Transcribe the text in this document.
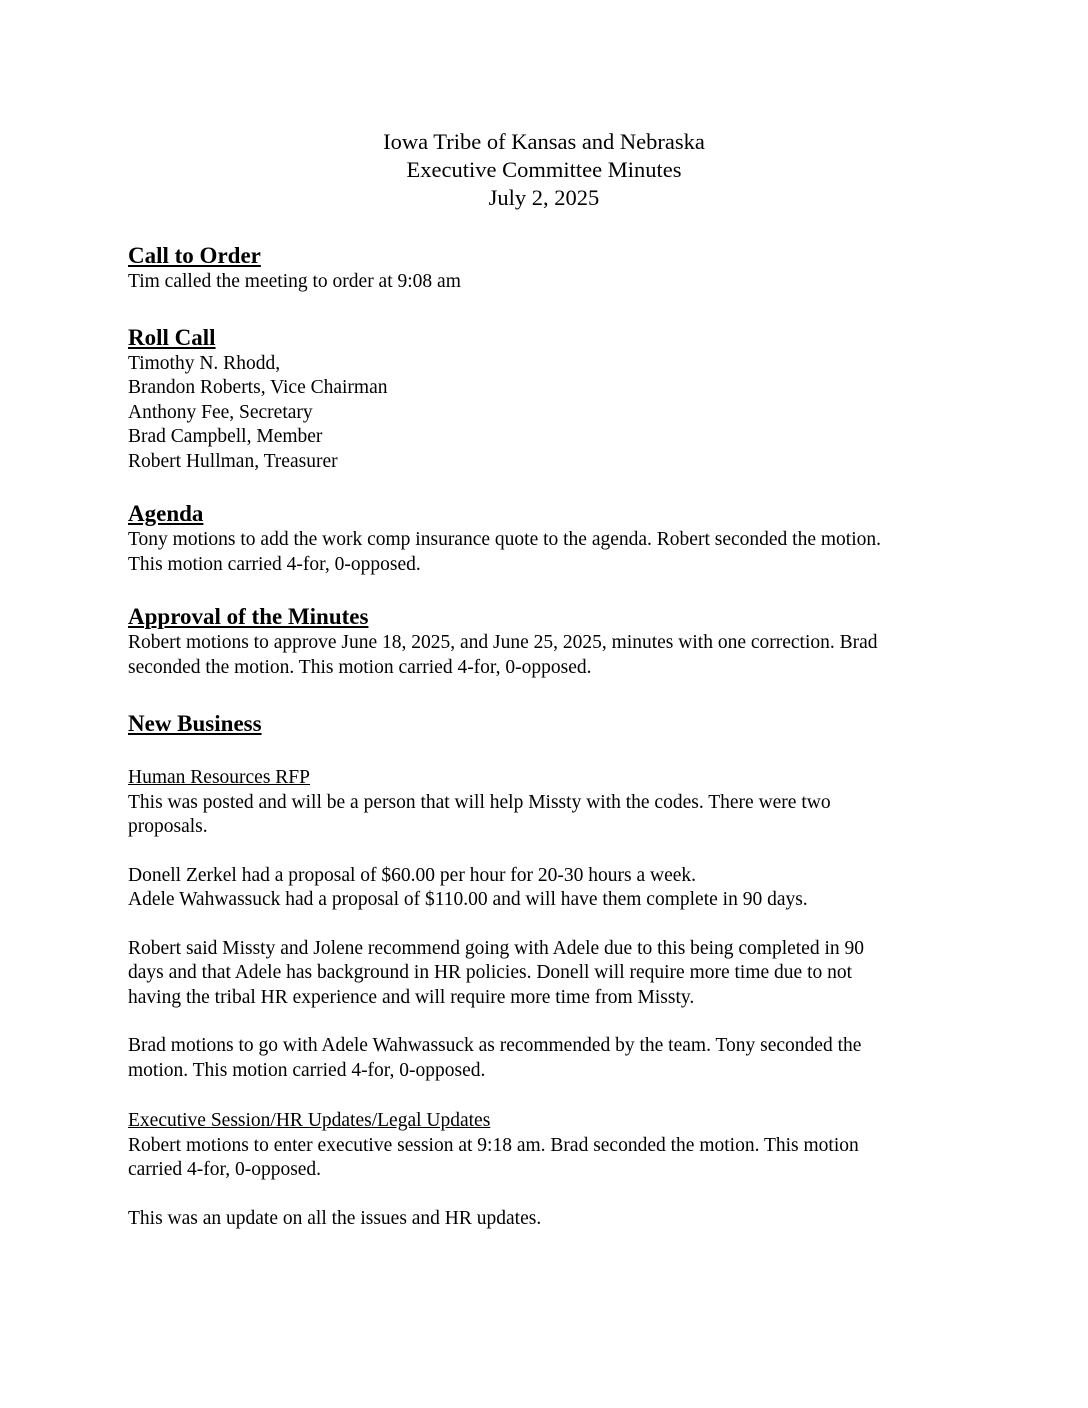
Iowa Tribe of Kansas and Nebraska
Executive Committee Minutes
July 2, 2025

Call to Order

Tim called the meeting to order at 9:08 am

Roll Call

Timothy N. Rhodd,
Brandon Roberts, Vice Chairman
Anthony Fee, Secretary
Brad Campbell, Member
Robert Hullman, Treasurer

Agenda

Tony motions to add the work comp insurance quote to the agenda. Robert seconded the motion.
This motion carried 4-for, 0-opposed.

Approval of the Minutes

Robert motions to approve June 18, 2025, and June 25, 2025, minutes with one correction. Brad
seconded the motion. This motion carried 4-for, 0-opposed.

New Business

Human Resources RFP

This was posted and will be a person that will help Missty with the codes. There were two
proposals.
Donell Zerkel had a proposal of $60.00 per hour for 20-30 hours a week.
Adele Wahwassuck had a proposal of $110.00 and will have them complete in 90 days.
Robert said Missty and Jolene recommend going with Adele due to this being completed in 90
days and that Adele has background in HR policies. Donell will require more time due to not
having the tribal HR experience and will require more time from Missty.
Brad motions to go with Adele Wahwassuck as recommended by the team. Tony seconded the
motion. This motion carried 4-for, 0-opposed.

Executive Session/HR Updates/Legal Updates

Robert motions to enter executive session at 9:18 am. Brad seconded the motion. This motion
carried 4-for, 0-opposed.
This was an update on all the issues and HR updates.
